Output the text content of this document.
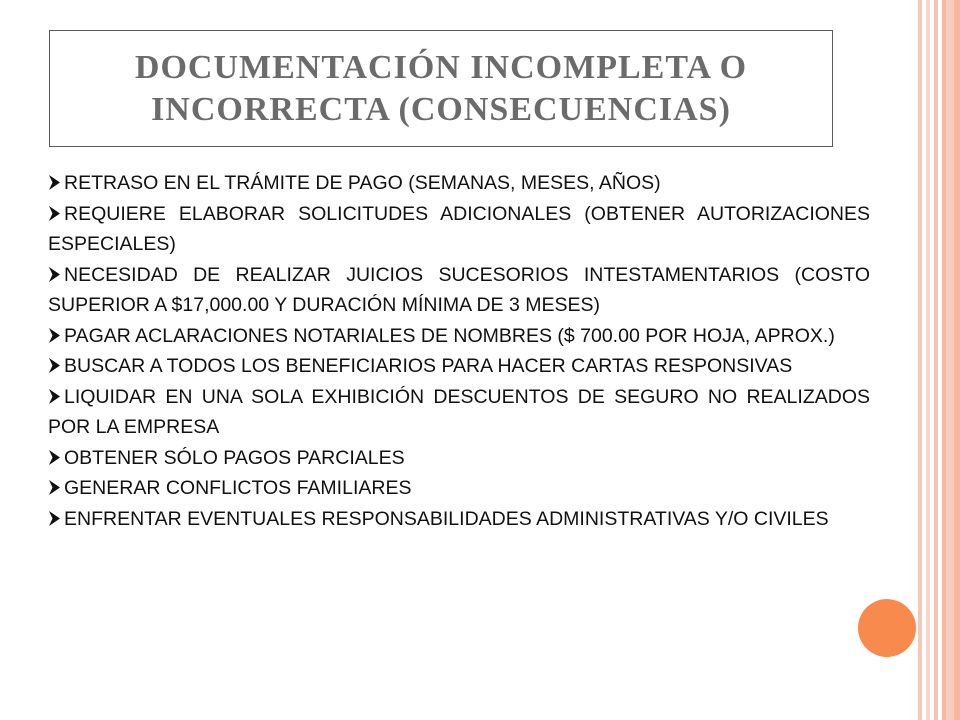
DOCUMENTACIÓN INCOMPLETA O INCORRECTA (CONSECUENCIAS)
RETRASO EN EL TRÁMITE DE PAGO (SEMANAS, MESES, AÑOS)
REQUIERE ELABORAR SOLICITUDES ADICIONALES (OBTENER AUTORIZACIONES ESPECIALES)
NECESIDAD DE REALIZAR JUICIOS SUCESORIOS INTESTAMENTARIOS (COSTO SUPERIOR A $17,000.00 Y DURACIÓN MÍNIMA DE 3 MESES)
PAGAR ACLARACIONES NOTARIALES DE NOMBRES ($ 700.00 POR HOJA, APROX.)
BUSCAR A TODOS LOS BENEFICIARIOS PARA HACER CARTAS RESPONSIVAS
LIQUIDAR EN UNA SOLA EXHIBICIÓN DESCUENTOS DE SEGURO NO REALIZADOS POR LA EMPRESA
OBTENER SÓLO PAGOS PARCIALES
GENERAR CONFLICTOS FAMILIARES
ENFRENTAR EVENTUALES RESPONSABILIDADES ADMINISTRATIVAS Y/O CIVILES
